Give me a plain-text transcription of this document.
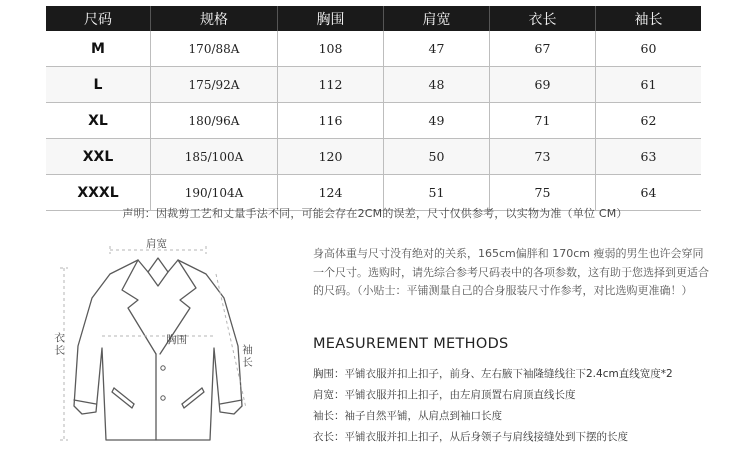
尺码	规格	胸围	肩宽	衣长	袖长
M	170/88A	108	47	67	60
L	175/92A	112	48	69	61
XL	180/96A	116	49	71	62
XXL	185/100A	120	50	73	63
XXXL	190/104A	124	51	75	64
声明：因裁剪工艺和丈量手法不同，可能会存在2CM的误差，尺寸仅供参考，以实物为准（单位 CM）
肩宽
胸围
衣长	袖长

身高体重与尺寸没有绝对的关系，165cm偏胖和 170cm 瘦弱的男生也许会穿同一个尺寸。选购时，请先综合参考尺码表中的各项参数，这有助于您选择到更适合的尺码。（小贴士：平铺测量自己的合身服装尺寸作参考，对比选购更准确！）

MEASUREMENT METHODS
胸围：平铺衣服并扣上扣子，前身、左右腋下袖隆缝线往下2.4cm直线宽度*2
肩宽：平铺衣服并扣上扣子，由左肩顶置右肩顶直线长度
袖长：袖子自然平铺，从肩点到袖口长度
衣长：平铺衣服并扣上扣子，从后身领子与肩线接缝处到下摆的长度
